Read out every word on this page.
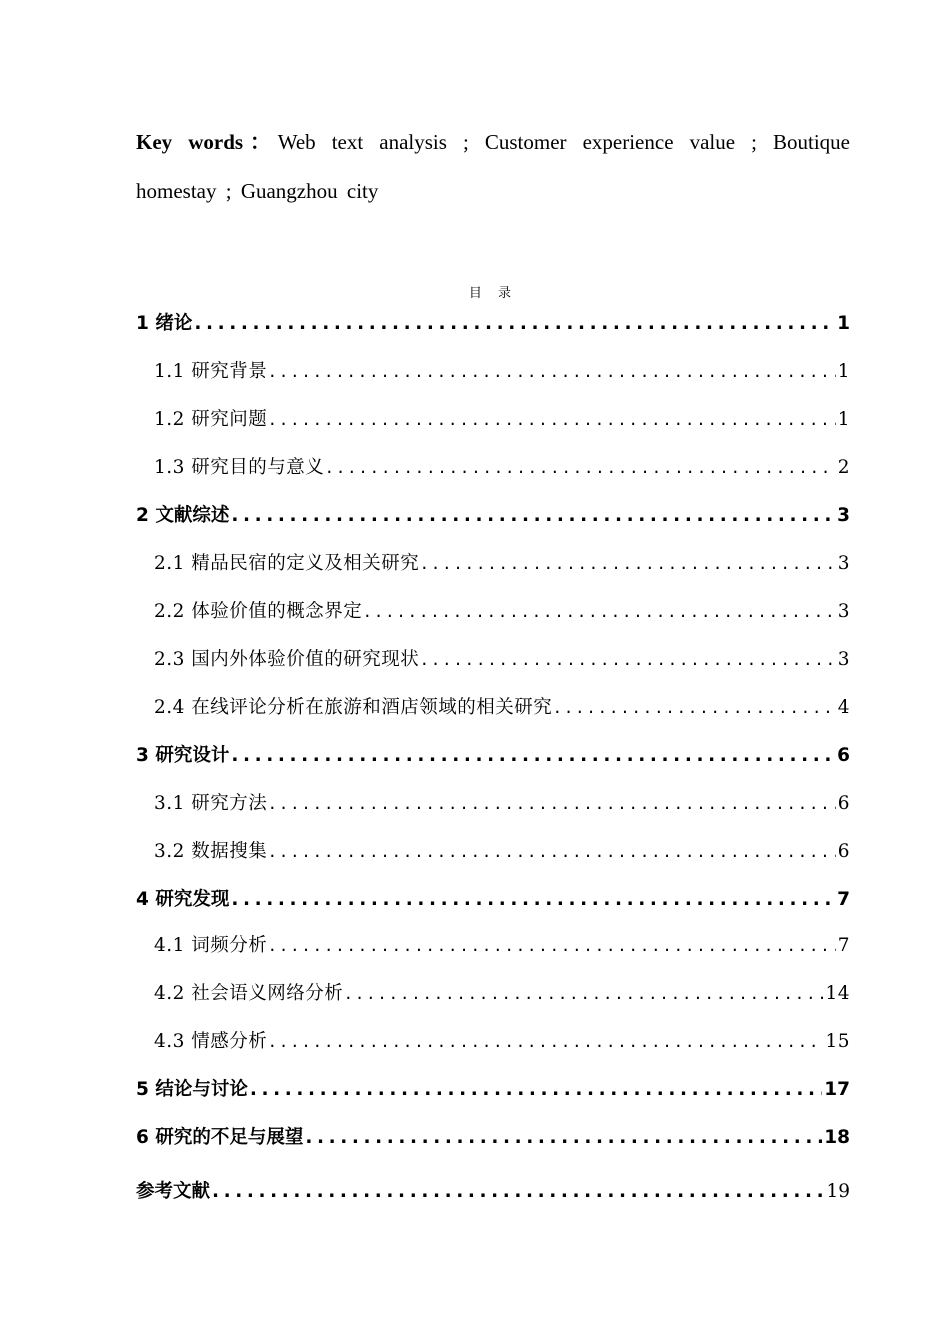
Key words：Web text analysis ; Customer experience value ; Boutique homestay ; Guangzhou city
目 录
1 绪论 .....	1
1.1 研究背景 .....	1
1.2 研究问题 .....	1
1.3 研究目的与意义 .....	2
2 文献综述 .....	3
2.1 精品民宿的定义及相关研究 .....	3
2.2 体验价值的概念界定 .....	3
2.3 国内外体验价值的研究现状 .....	3
2.4 在线评论分析在旅游和酒店领域的相关研究 .....	4
3 研究设计 .....	6
3.1 研究方法 .....	6
3.2 数据搜集 .....	6
4 研究发现 .....	7
4.1 词频分析 .....	7
4.2 社会语义网络分析 .....	14
4.3 情感分析 .....	15
5 结论与讨论 .....	17
6 研究的不足与展望 .....	18
参考文献 .....	19
